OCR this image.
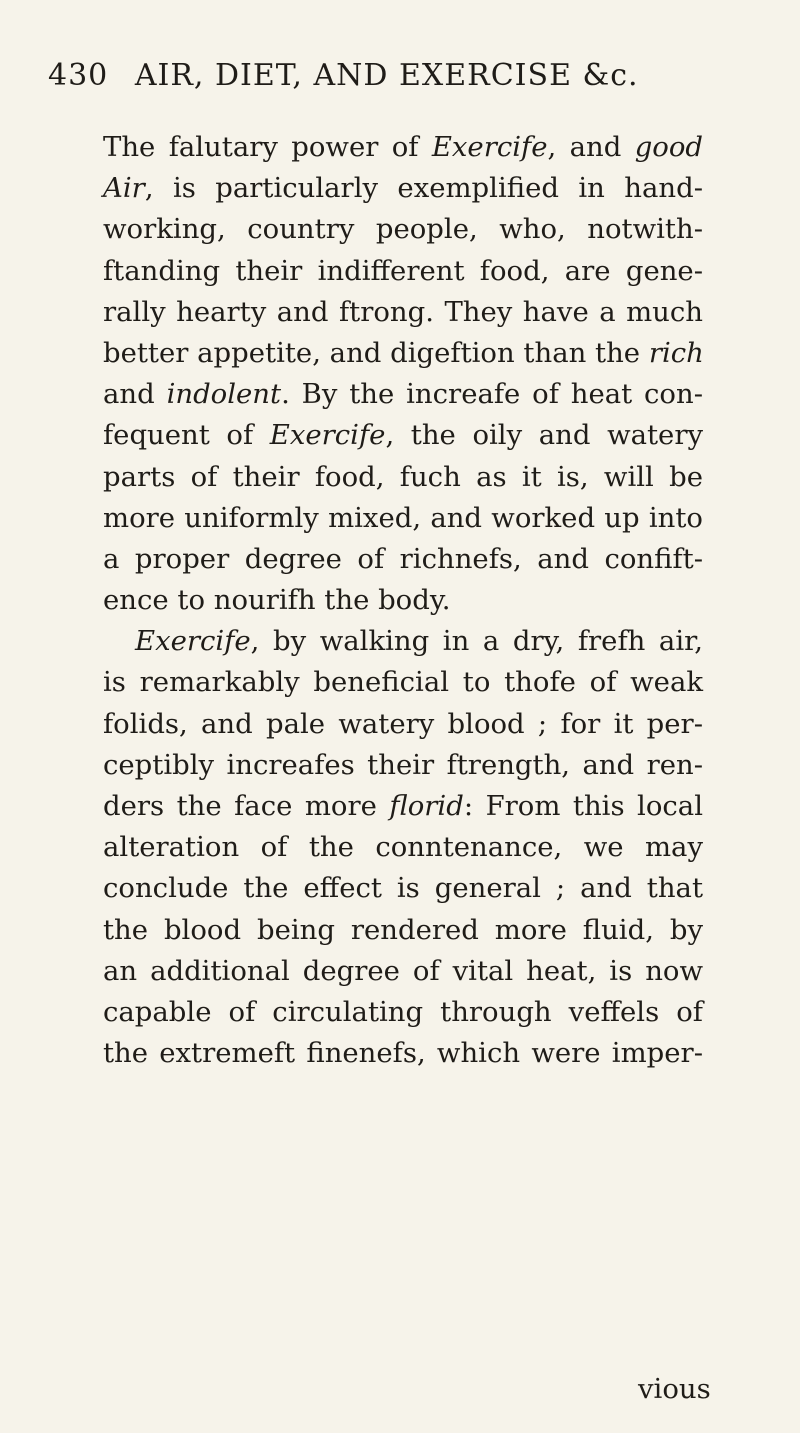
430 AIR, DIET, AND EXERCISE &c.
The falutary power of Exercife, and good
Air, is particularly exemplified in hand-
working, country people, who, notwith-
ftanding their indifferent food, are gene-
rally hearty and ftrong. They have a much
better appetite, and digeftion than the rich
and indolent. By the increafe of heat con-
fequent of Exercife, the oily and watery
parts of their food, fuch as it is, will be
more uniformly mixed, and worked up into
a proper degree of richnefs, and confift-
ence to nourifh the body.
Exercife, by walking in a dry, frefh air,
is remarkably beneficial to thofe of weak
folids, and pale watery blood ; for it per-
ceptibly increafes their ftrength, and ren-
ders the face more florid: From this local
alteration of the conntenance, we may
conclude the effect is general ; and that
the blood being rendered more fluid, by
an additional degree of vital heat, is now
capable of circulating through veffels of
the extremeft finenefs, which were imper-
vious
